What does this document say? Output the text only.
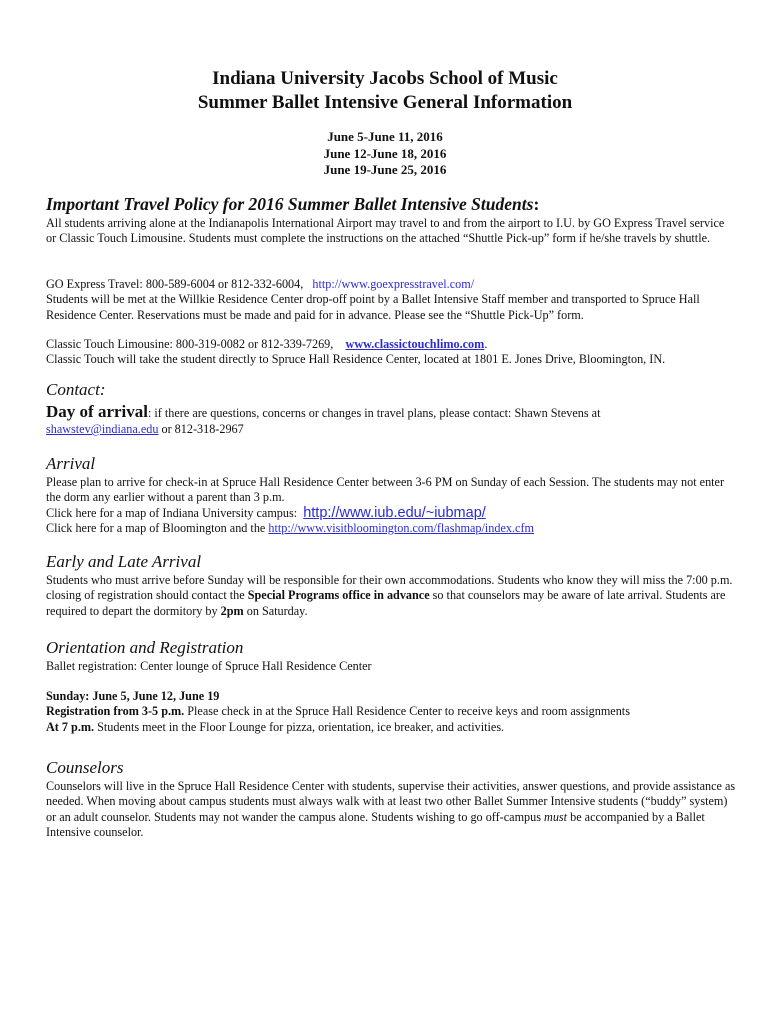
Indiana University Jacobs School of Music
Summer Ballet Intensive General Information
June 5-June 11, 2016
June 12-June 18, 2016
June 19-June 25, 2016
Important Travel Policy for 2016 Summer Ballet Intensive Students:
All students arriving alone at the Indianapolis International Airport may travel to and from the airport to I.U. by GO Express Travel service or Classic Touch Limousine. Students must complete the instructions on the attached “Shuttle Pick-up” form if he/she travels by shuttle.

GO Express Travel: 800-589-6004 or 812-332-6004, http://www.goexpresstravel.com/

Students will be met at the Willkie Residence Center drop-off point by a Ballet Intensive Staff member and transported to Spruce Hall Residence Center. Reservations must be made and paid for in advance. Please see the “Shuttle Pick-Up” form.

Classic Touch Limousine: 800-319-0082 or 812-339-7269, www.classictouchlimo.com.

Classic Touch will take the student directly to Spruce Hall Residence Center, located at 1801 E. Jones Drive, Bloomington, IN.

Contact:

Day of arrival: if there are questions, concerns or changes in travel plans, please contact: Shawn Stevens at

shawstev@indiana.edu or 812-318-2967

Arrival

Please plan to arrive for check-in at Spruce Hall Residence Center between 3-6 PM on Sunday of each Session. The students may not enter the dorm any earlier without a parent than 3 p.m.

Click here for a map of Indiana University campus: http://www.iub.edu/~iubmap/

Click here for a map of Bloomington and the http://www.visitbloomington.com/flashmap/index.cfm

Early and Late Arrival
Students who must arrive before Sunday will be responsible for their own accommodations. Students who know they will miss the 7:00 p.m. closing of registration should contact the Special Programs office in advance so that counselors may be aware of late arrival. Students are required to depart the dormitory by 2pm on Saturday.
Orientation and Registration
Ballet registration: Center lounge of Spruce Hall Residence Center

Sunday: June 5, June 12, June 19

Registration from 3-5 p.m. Please check in at the Spruce Hall Residence Center to receive keys and room assignments

At 7 p.m. Students meet in the Floor Lounge for pizza, orientation, ice breaker, and activities.

Counselors
Counselors will live in the Spruce Hall Residence Center with students, supervise their activities, answer questions, and provide assistance as needed. When moving about campus students must always walk with at least two other Ballet Summer Intensive students (“buddy” system) or an adult counselor. Students may not wander the campus alone. Students wishing to go off-campus must be accompanied by a Ballet Intensive counselor.
